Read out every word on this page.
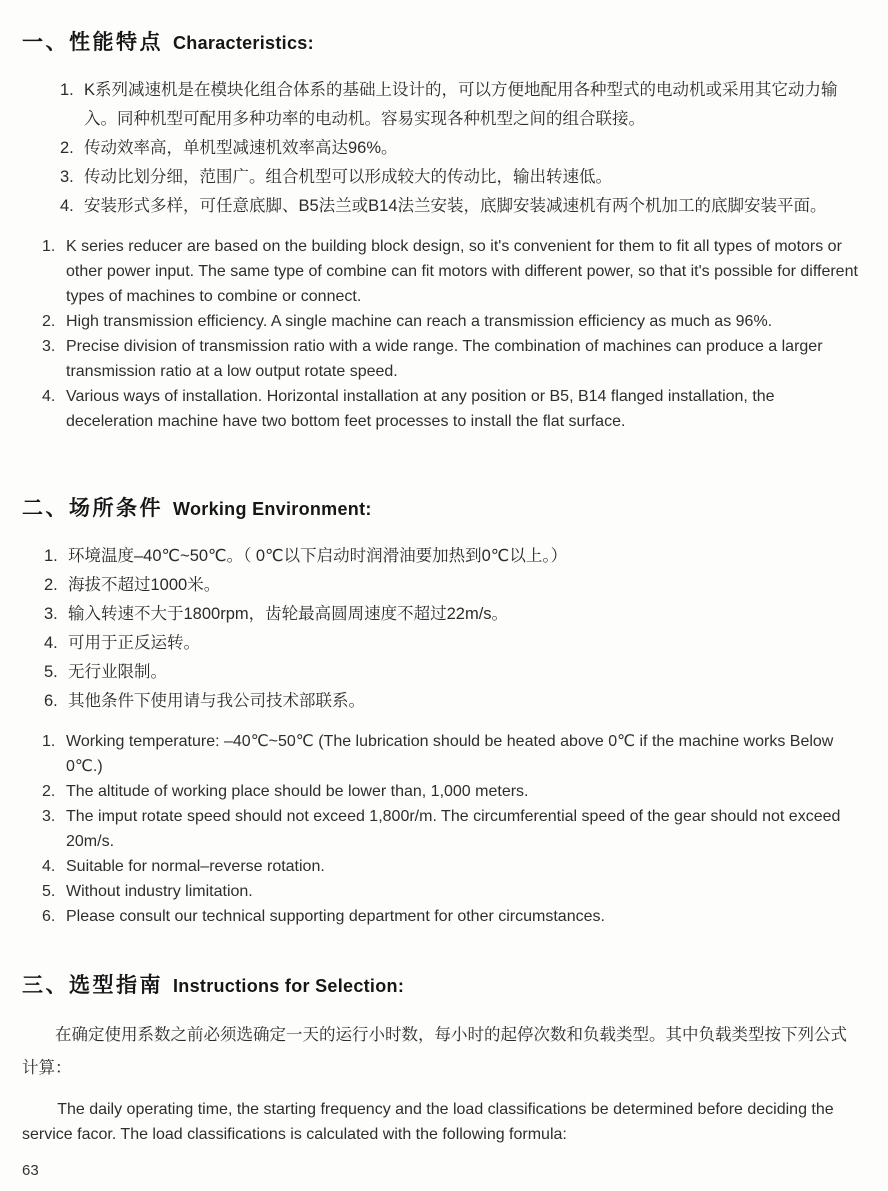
一、性能特点 Characteristics:
1. K系列减速机是在模块化组合体系的基础上设计的，可以方便地配用各种型式的电动机或采用其它动力输入。同种机型可配用多种功率的电动机。容易实现各种机型之间的组合联接。
2. 传动效率高，单机型减速机效率高达96%。
3. 传动比划分细，范围广。组合机型可以形成较大的传动比，输出转速低。
4. 安装形式多样，可任意底脚、B5法兰或B14法兰安装，底脚安装减速机有两个机加工的底脚安装平面。
1. K series reducer are based on the building block design, so it's convenient for them to fit all types of motors or other power input. The same type of combine can fit motors with different power, so that it's possible for different types of machines to combine or connect.
2. High transmission efficiency. A single machine can reach a transmission efficiency as much as 96%.
3. Precise division of transmission ratio with a wide range. The combination of machines can produce a larger transmission ratio at a low output rotate speed.
4. Various ways of installation. Horizontal installation at any position or B5, B14 flanged installation, the deceleration machine have two bottom feet processes to install the flat surface.
二、场所条件 Working Environment:
1. 环境温度–40℃~50℃。（ 0℃以下启动时润滑油要加热到0℃以上。）
2. 海拔不超过1000米。
3. 输入转速不大于1800rpm，齿轮最高圆周速度不超过22m/s。
4. 可用于正反运转。
5. 无行业限制。
6. 其他条件下使用请与我公司技术部联系。
1. Working temperature: –40℃~50℃ (The lubrication should be heated above 0℃ if the machine works Below 0℃.)
2. The altitude of working place should be lower than, 1,000 meters.
3. The imput rotate speed should not exceed 1,800r/m. The circumferential speed of the gear should not exceed 20m/s.
4. Suitable for normal–reverse rotation.
5. Without industry limitation.
6. Please consult our technical supporting department for other circumstances.
三、选型指南 Instructions for Selection:

在确定使用系数之前必须选确定一天的运行小时数，每小时的起停次数和负载类型。其中负载类型按下列公式计算：

The daily operating time, the starting frequency and the load classifications be determined before deciding the service facor. The load classifications is calculated with the following formula:

63
